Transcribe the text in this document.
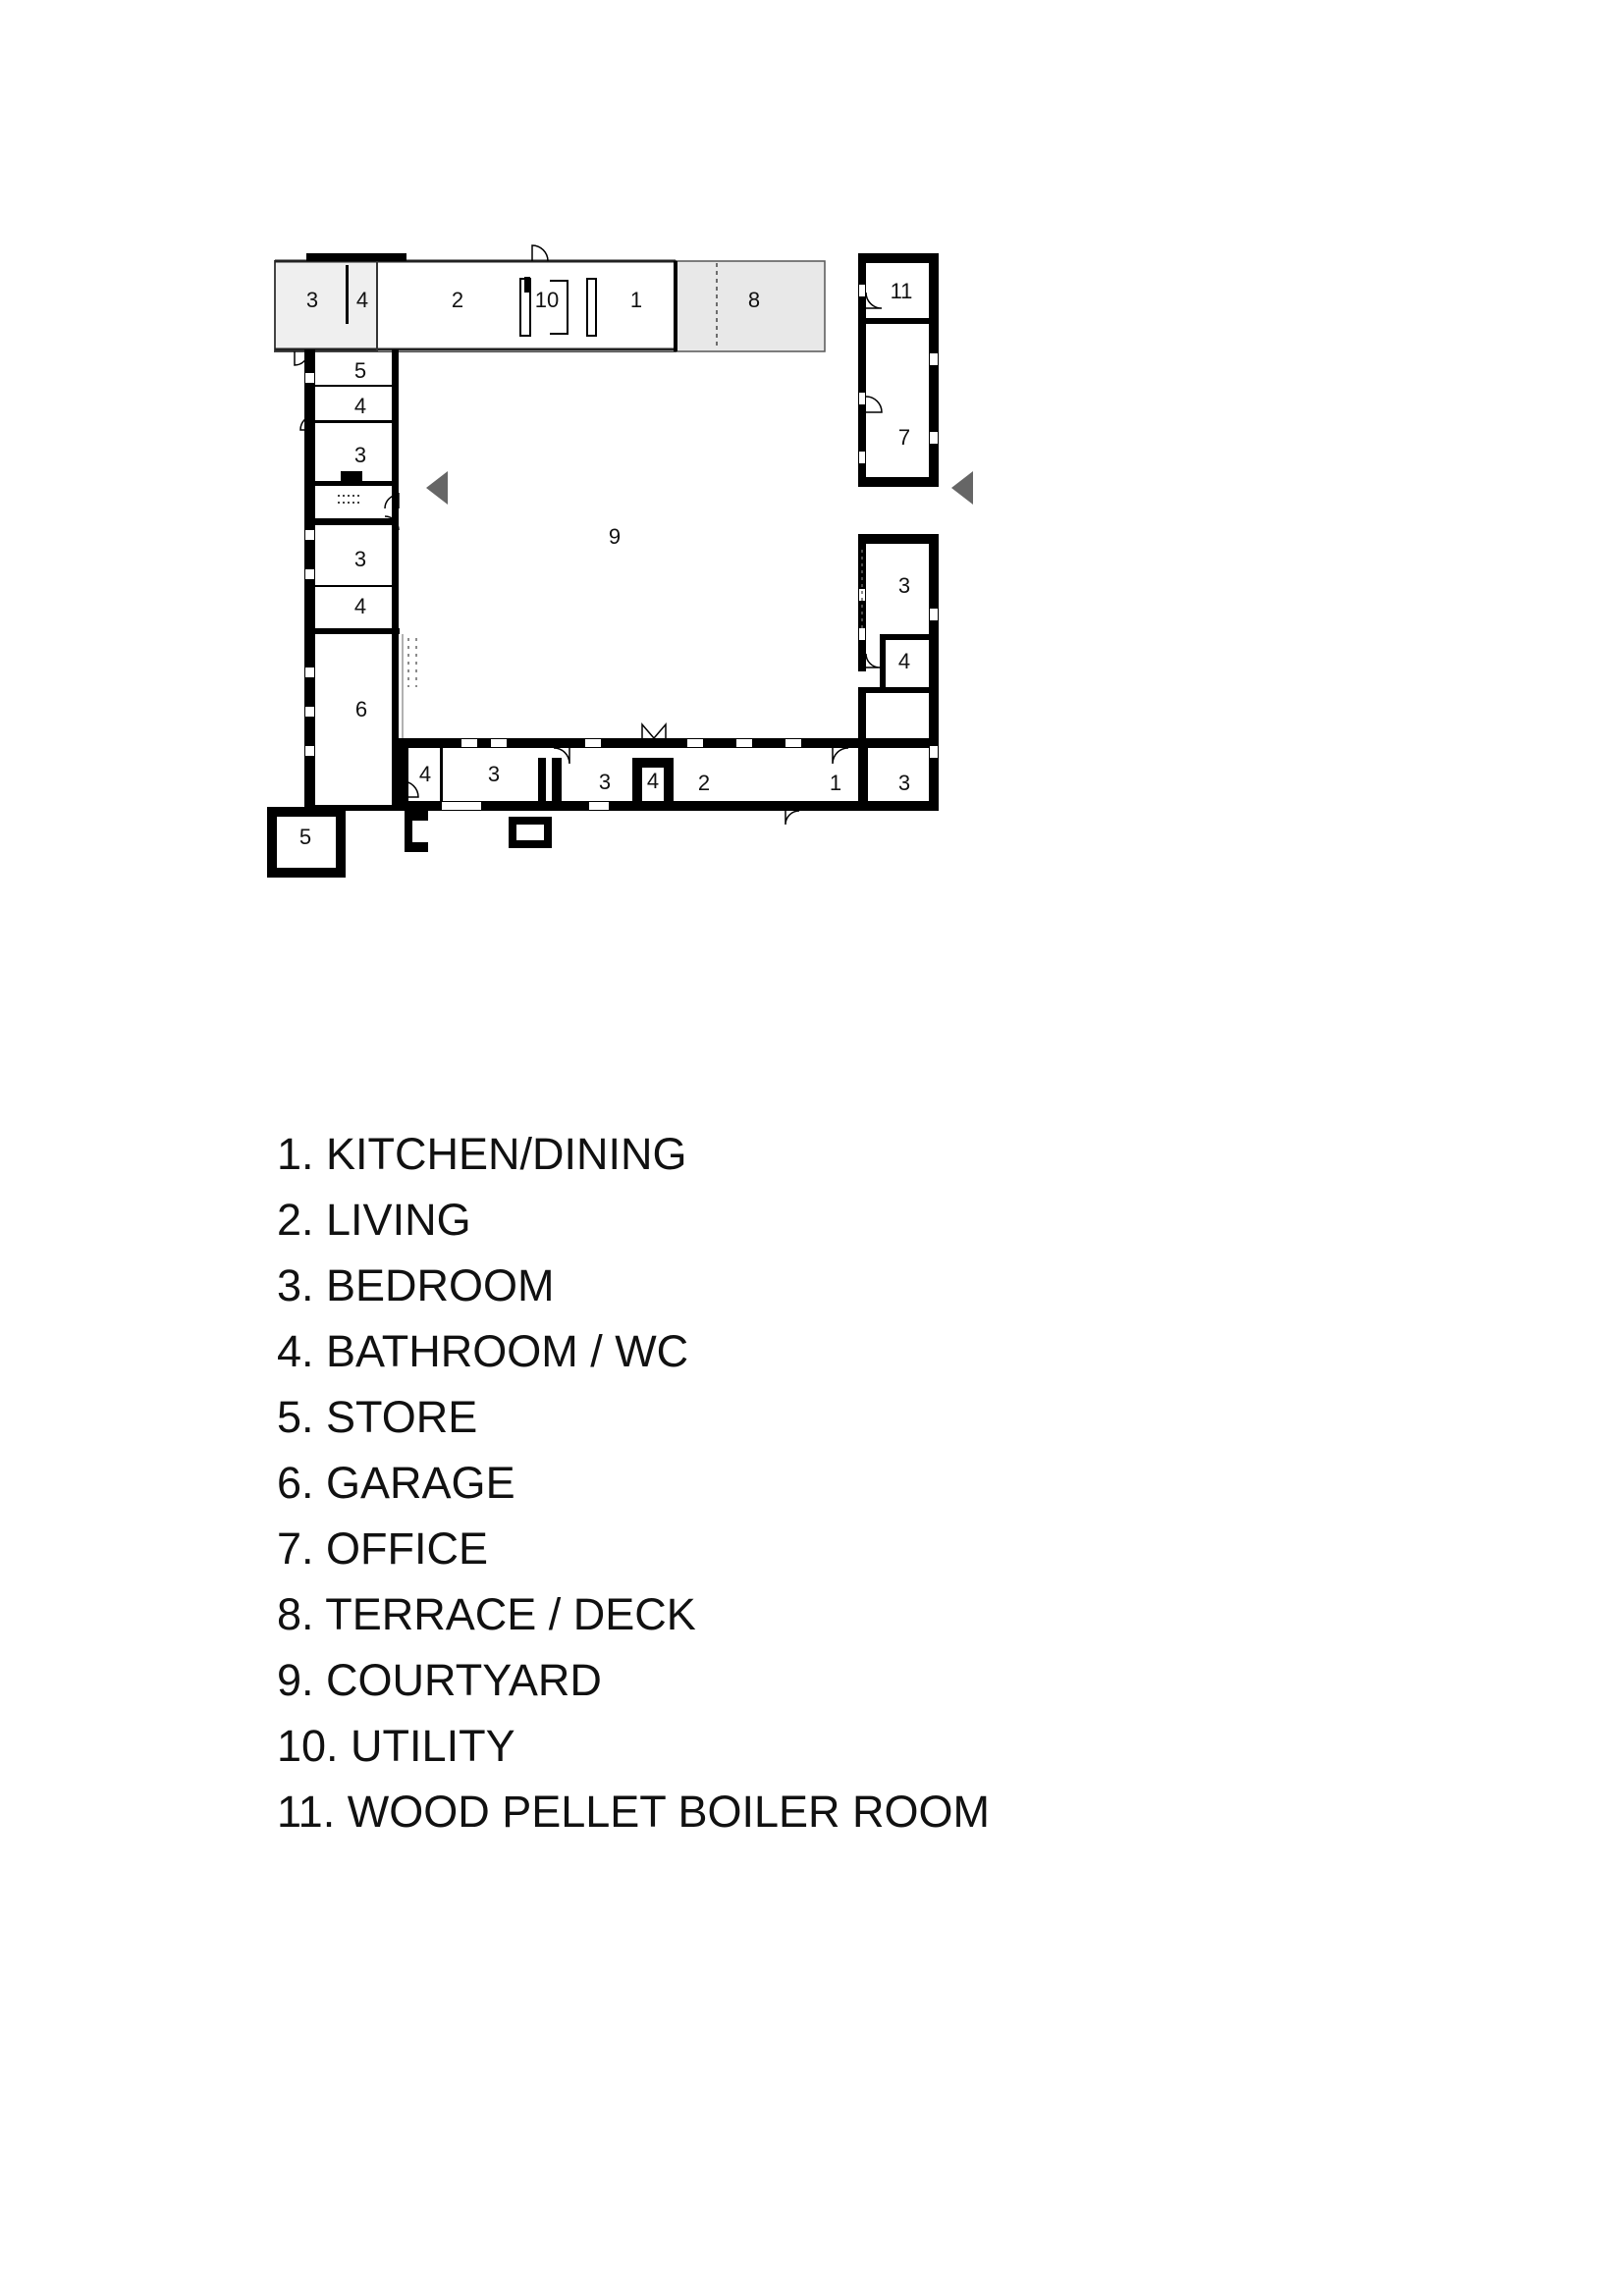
3 4	2	10	1	8	11
7
5
4
3
3
4
6
5
9
3
4
3
4	3	3 4 2	1
1. KITCHEN/DINING
2. LIVING
3. BEDROOM
4. BATHROOM / WC
5. STORE
6. GARAGE
7. OFFICE
8. TERRACE / DECK
9. COURTYARD
10. UTILITY
11. WOOD PELLET BOILER ROOM
